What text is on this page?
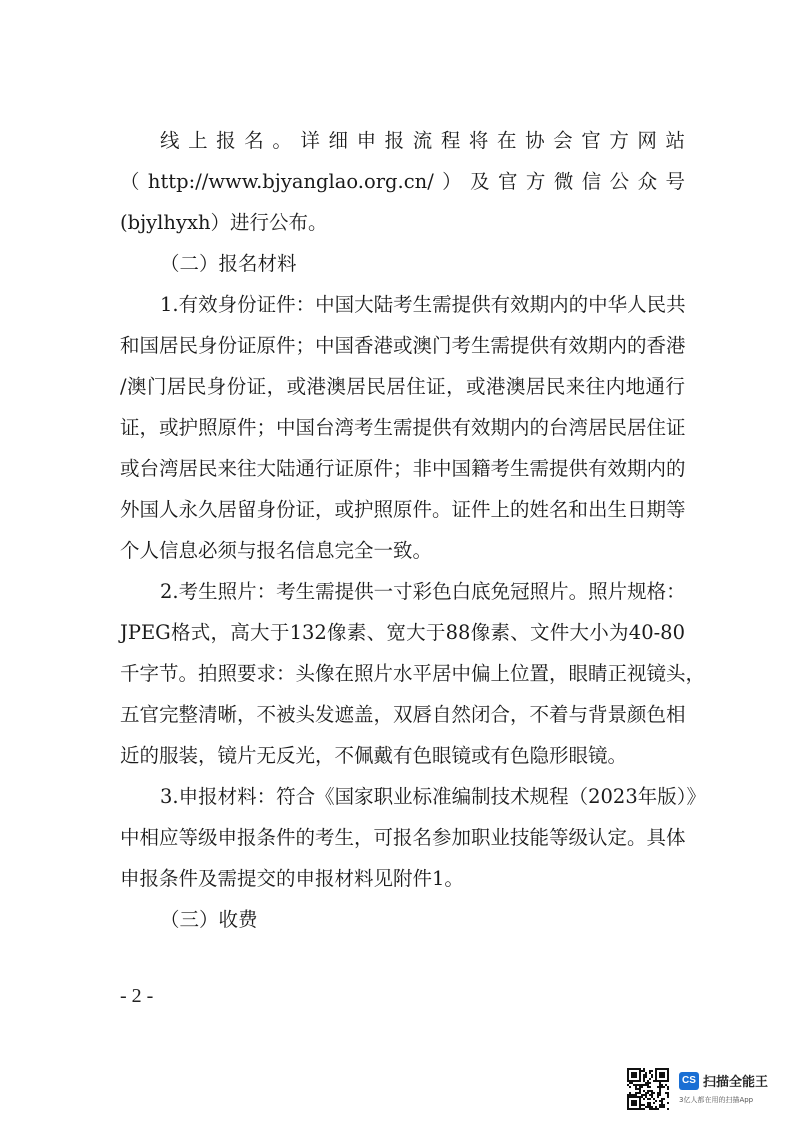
线上报名。详细申报流程将在协会官方网站
（http://www.bjyanglao.org.cn/）及官方微信公众号
(bjylhyxh）进行公布。
（二）报名材料
1.有效身份证件：中国大陆考生需提供有效期内的中华人民共
和国居民身份证原件；中国香港或澳门考生需提供有效期内的香港
/澳门居民身份证，或港澳居民居住证，或港澳居民来往内地通行
证，或护照原件；中国台湾考生需提供有效期内的台湾居民居住证
或台湾居民来往大陆通行证原件；非中国籍考生需提供有效期内的
外国人永久居留身份证，或护照原件。证件上的姓名和出生日期等
个人信息必须与报名信息完全一致。
2.考生照片：考生需提供一寸彩色白底免冠照片。照片规格：
JPEG格式，高大于132像素、宽大于88像素、文件大小为40-80
千字节。拍照要求：头像在照片水平居中偏上位置，眼睛正视镜头，
五官完整清晰，不被头发遮盖，双唇自然闭合，不着与背景颜色相
近的服装，镜片无反光，不佩戴有色眼镜或有色隐形眼镜。
3.申报材料：符合《国家职业标准编制技术规程（2023年版）》
中相应等级申报条件的考生，可报名参加职业技能等级认定。具体
申报条件及需提交的申报材料见附件1。
（三）收费
- 2 -
CS 扫描全能王
3亿人都在用的扫描App
